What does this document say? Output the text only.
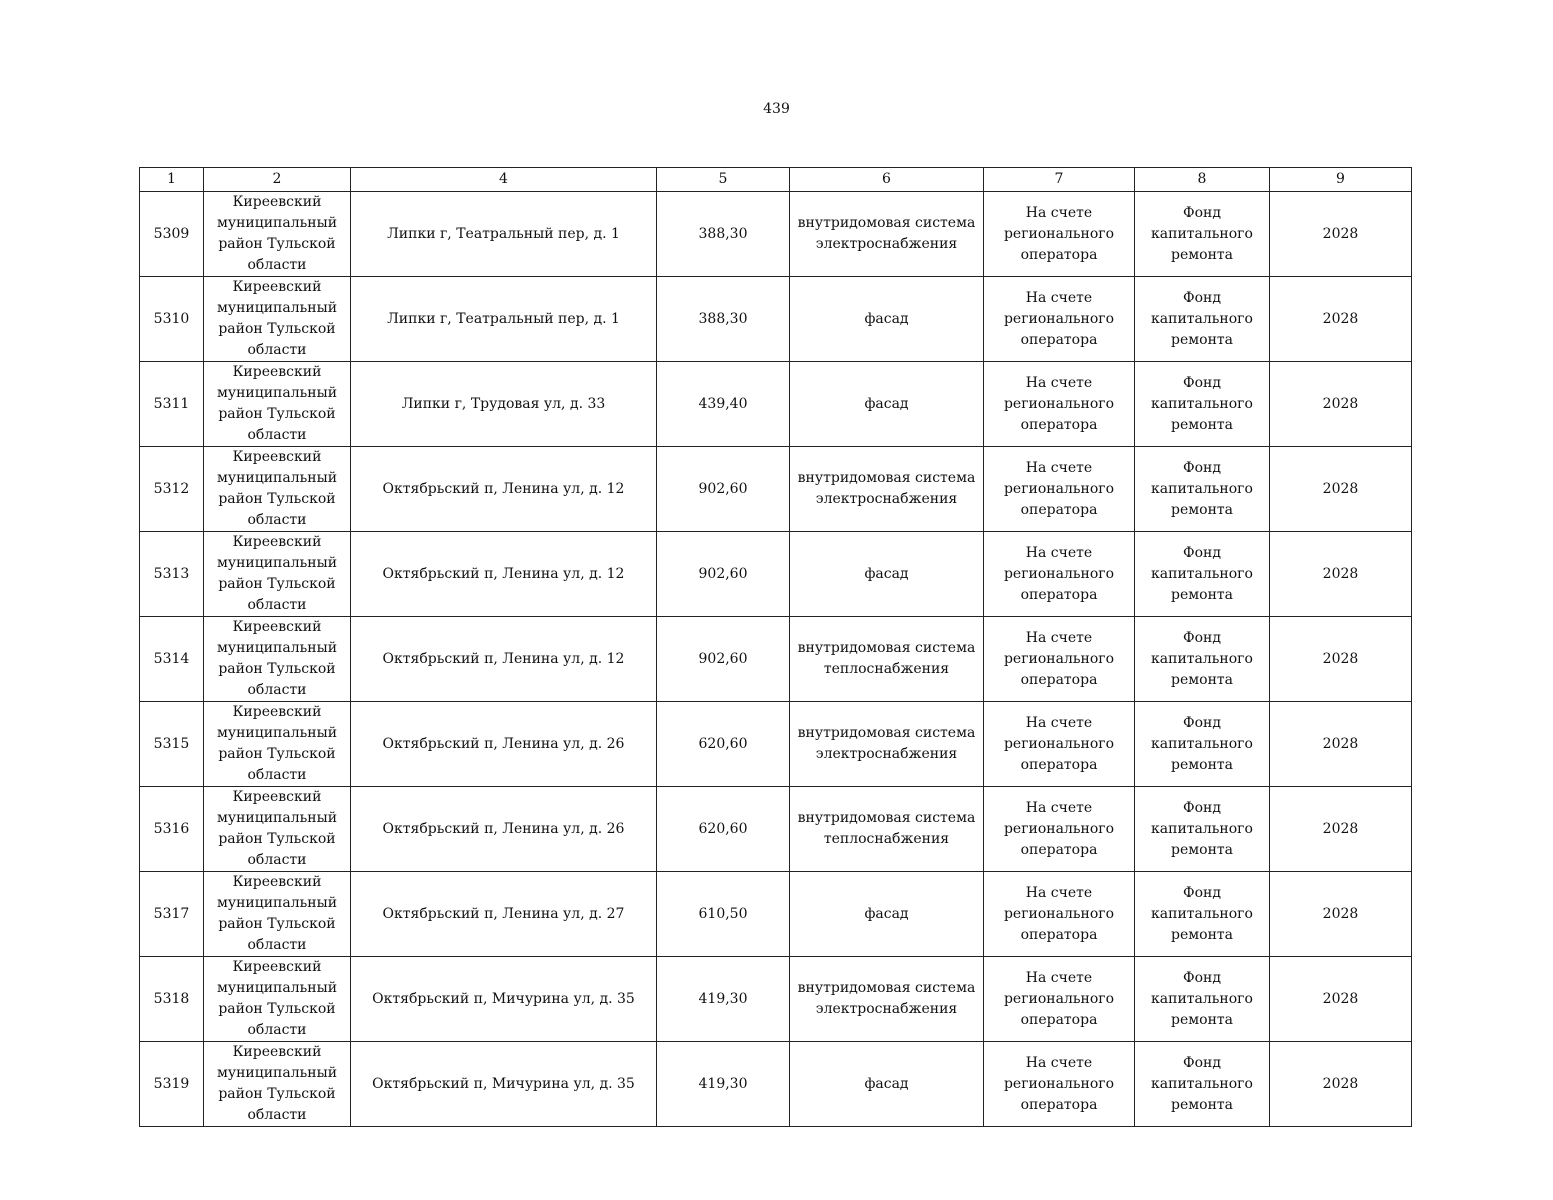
439
1	2	4	5	6	7	8	9
5309	Киреевский муниципальный район Тульской области	Липки г, Театральный пер, д. 1	388,30	внутридомовая система электроснабжения	На счете регионального оператора	Фонд капитального ремонта	2028
5310	Киреевский муниципальный район Тульской области	Липки г, Театральный пер, д. 1	388,30	фасад	На счете регионального оператора	Фонд капитального ремонта	2028
5311	Киреевский муниципальный район Тульской области	Липки г, Трудовая ул, д. 33	439,40	фасад	На счете регионального оператора	Фонд капитального ремонта	2028
5312	Киреевский муниципальный район Тульской области	Октябрьский п, Ленина ул, д. 12	902,60	внутридомовая система электроснабжения	На счете регионального оператора	Фонд капитального ремонта	2028
5313	Киреевский муниципальный район Тульской области	Октябрьский п, Ленина ул, д. 12	902,60	фасад	На счете регионального оператора	Фонд капитального ремонта	2028
5314	Киреевский муниципальный район Тульской области	Октябрьский п, Ленина ул, д. 12	902,60	внутридомовая система теплоснабжения	На счете регионального оператора	Фонд капитального ремонта	2028
5315	Киреевский муниципальный район Тульской области	Октябрьский п, Ленина ул, д. 26	620,60	внутридомовая система электроснабжения	На счете регионального оператора	Фонд капитального ремонта	2028
5316	Киреевский муниципальный район Тульской области	Октябрьский п, Ленина ул, д. 26	620,60	внутридомовая система теплоснабжения	На счете регионального оператора	Фонд капитального ремонта	2028
5317	Киреевский муниципальный район Тульской области	Октябрьский п, Ленина ул, д. 27	610,50	фасад	На счете регионального оператора	Фонд капитального ремонта	2028
5318	Киреевский муниципальный район Тульской области	Октябрьский п, Мичурина ул, д. 35	419,30	внутридомовая система электроснабжения	На счете регионального оператора	Фонд капитального ремонта	2028
5319	Киреевский муниципальный район Тульской области	Октябрьский п, Мичурина ул, д. 35	419,30	фасад	На счете регионального оператора	Фонд капитального ремонта	2028
